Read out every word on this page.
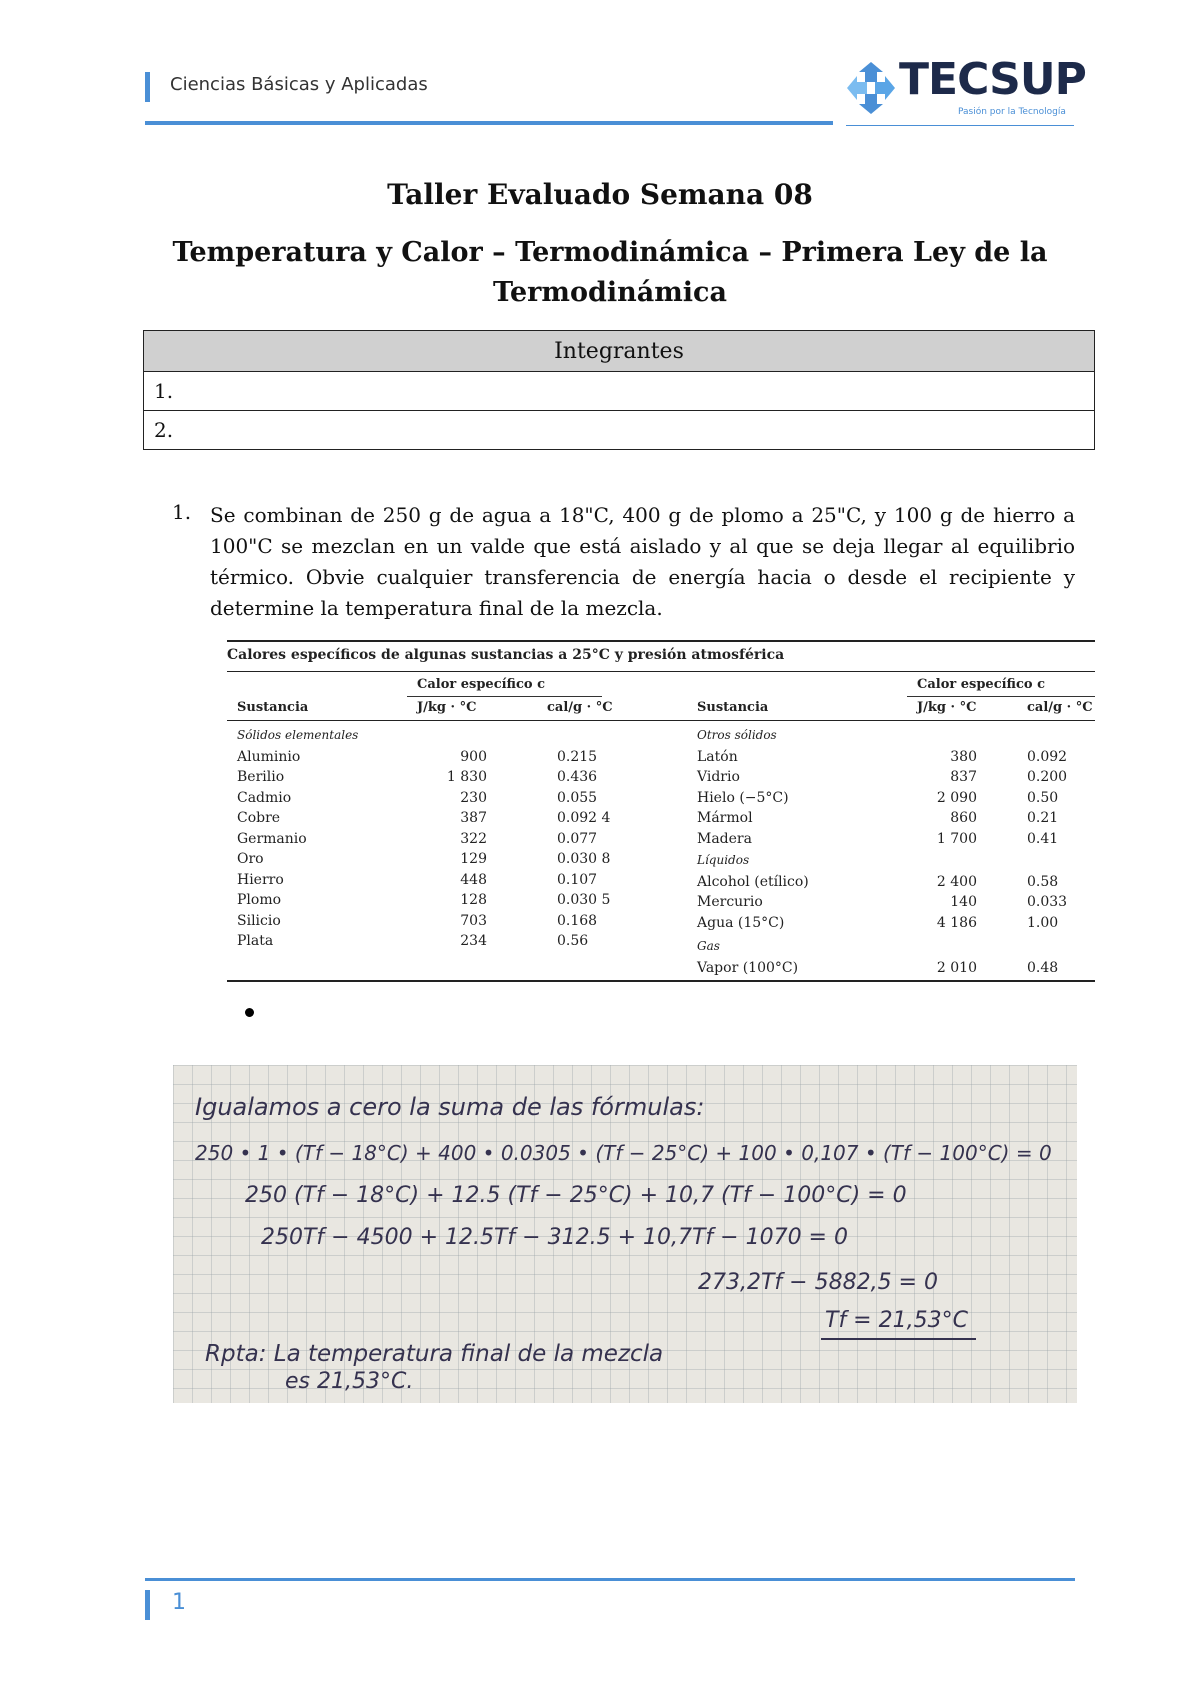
Ciencias Básicas y Aplicadas	TECSUP
Pasión por la Tecnología
Taller Evaluado Semana 08
Temperatura y Calor – Termodinámica – Primera Ley de la Termodinámica
Integrantes
1.
2.
1. Se combinan de 250 g de agua a 18"C, 400 g de plomo a 25"C, y 100 g de hierro a 100"C se mezclan en un valde que está aislado y al que se deja llegar al equilibrio térmico. Obvie cualquier transferencia de energía hacia o desde el recipiente y determine la temperatura final de la mezcla.
Calores específicos de algunas sustancias a 25°C y presión atmosférica
Calor específico c
Sustancia	J/kg · °C	cal/g · °C
Calor específico c
Sustancia	J/kg · °C	cal/g · °C
Sólidos elementales
Aluminio	900	0.215
Berilio	1 830	0.436
Cadmio	230	0.055
Cobre	387	0.092 4
Germanio	322	0.077
Oro	129	0.030 8
Hierro	448	0.107
Plomo	128	0.030 5
Silicio	703	0.168
Plata	234	0.56
Otros sólidos
Latón	380	0.092
Vidrio	837	0.200
Hielo (−5°C)	2 090	0.50
Mármol	860	0.21
Madera	1 700	0.41
Líquidos
Alcohol (etílico)	2 400	0.58
Mercurio	140	0.033
Agua (15°C)	4 186	1.00
Gas
Vapor (100°C)	2 010	0.48
Igualamos a cero la suma de las fórmulas:
250 • 1 • (Tf − 18°C) + 400 • 0.0305 • (Tf − 25°C) + 100 • 0,107 • (Tf − 100°C) = 0
250 (Tf − 18°C) + 12.5 (Tf − 25°C) + 10,7 (Tf − 100°C) = 0
250Tf − 4500 + 12.5Tf − 312.5 + 10,7Tf − 1070 = 0
273,2Tf − 5882,5 = 0
Tf = 21,53°C
Rpta: La temperatura final de la mezcla
es 21,53°C.
1
